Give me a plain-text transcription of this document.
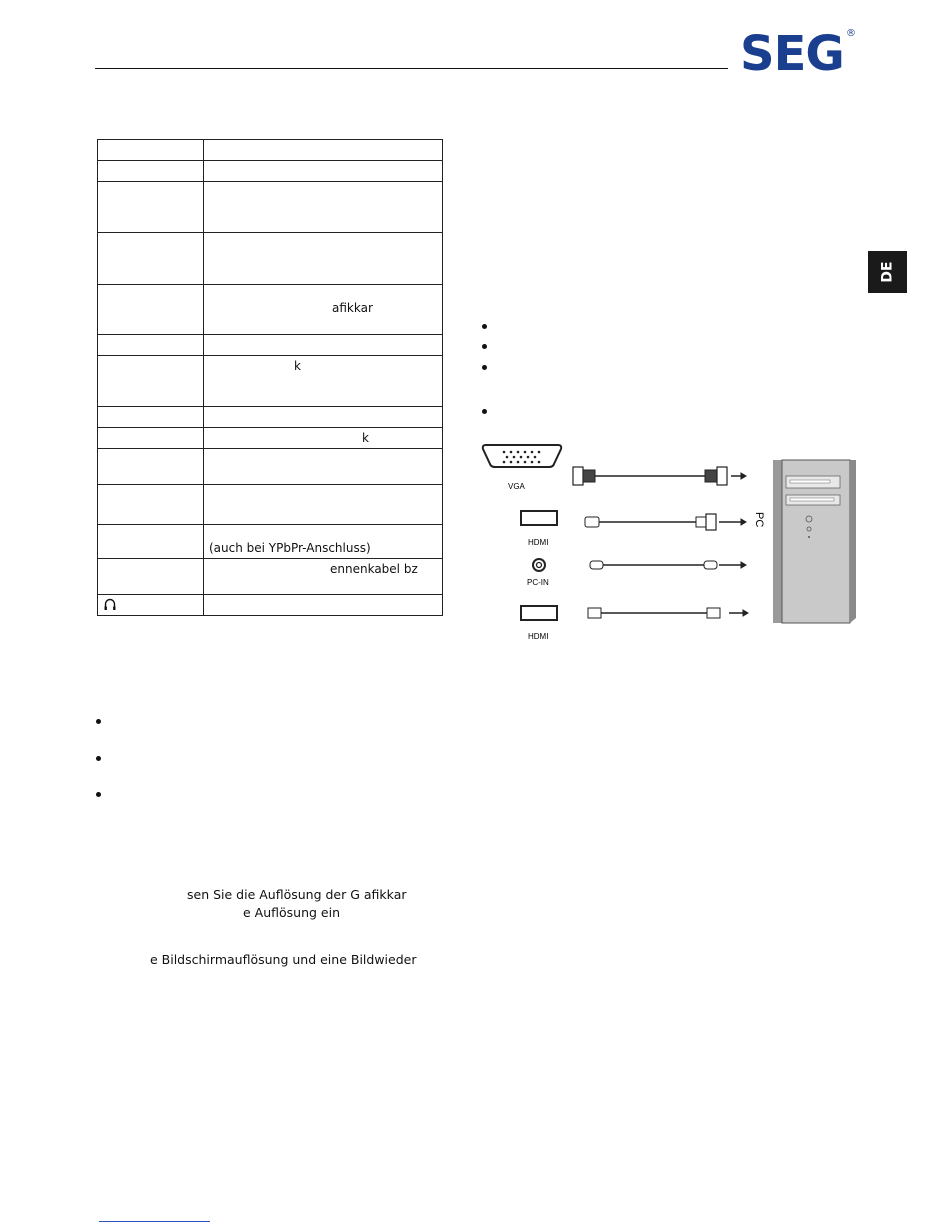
SEG ®
DE

	afikkar

	k

	k

	(auch bei YPbPr-Anschluss)

	ennenkabel bz

sen Sie die Auflösung der G afikkar
e Auflösung ein
e Bildschirmauflösung und eine Bildwieder
VGA
HDMI
PC-IN
HDMI
PC
